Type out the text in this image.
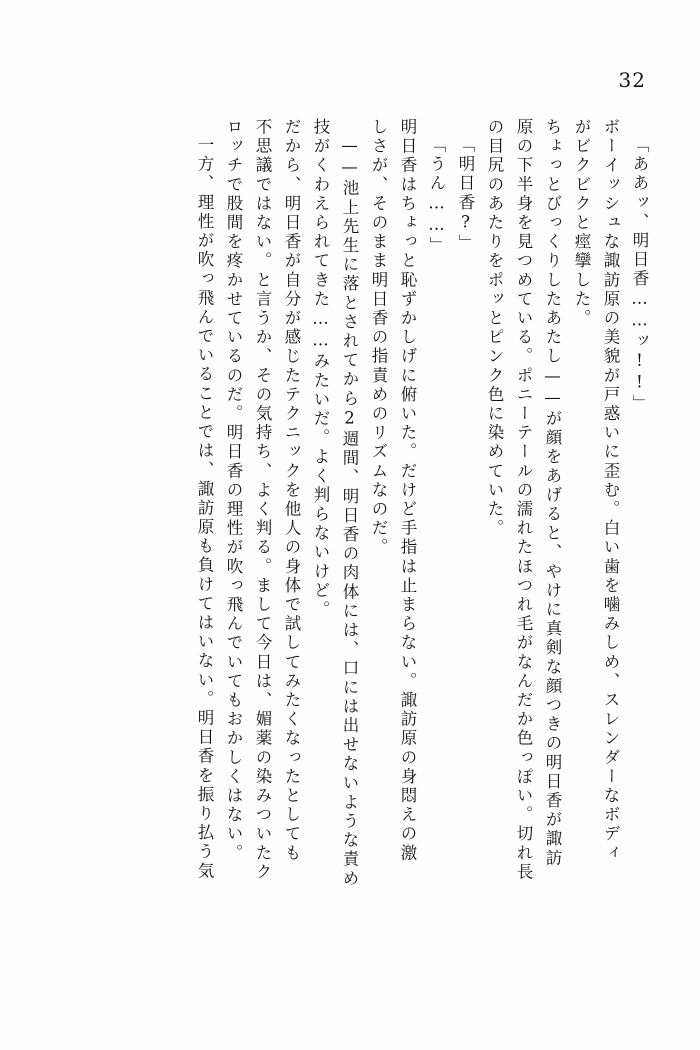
32
「ああッ、明日香……ッ!!」
ボーイッシュな諏訪原の美貌が戸惑いに歪む。白い歯を噛みしめ、スレンダーなボディ
がビクビクと痙攣した。
ちょっとびっくりしたあたし——が顔をあげると、やけに真剣な顔つきの明日香が諏訪
原の下半身を見つめている。ポニーテールの濡れたほつれ毛がなんだか色っぽい。切れ長
の目尻のあたりをポッとピンク色に染めていた。
「明日香?」
「うん……」
明日香はちょっと恥ずかしげに俯いた。だけど手指は止まらない。諏訪原の身悶えの激
しさが、そのまま明日香の指責めのリズムなのだ。
——池上先生に落とされてから2週間、明日香の肉体には、口には出せないような責め
技がくわえられてきた……みたいだ。よく判らないけど。
だから、明日香が自分が感じたテクニックを他人の身体で試してみたくなったとしても
不思議ではない。と言うか、その気持ち、よく判る。まして今日は、媚薬の染みついたク
ロッチで股間を疼かせているのだ。明日香の理性が吹っ飛んでいてもおかしくはない。
一方、理性が吹っ飛んでいることでは、諏訪原も負けてはいない。明日香を振り払う気
